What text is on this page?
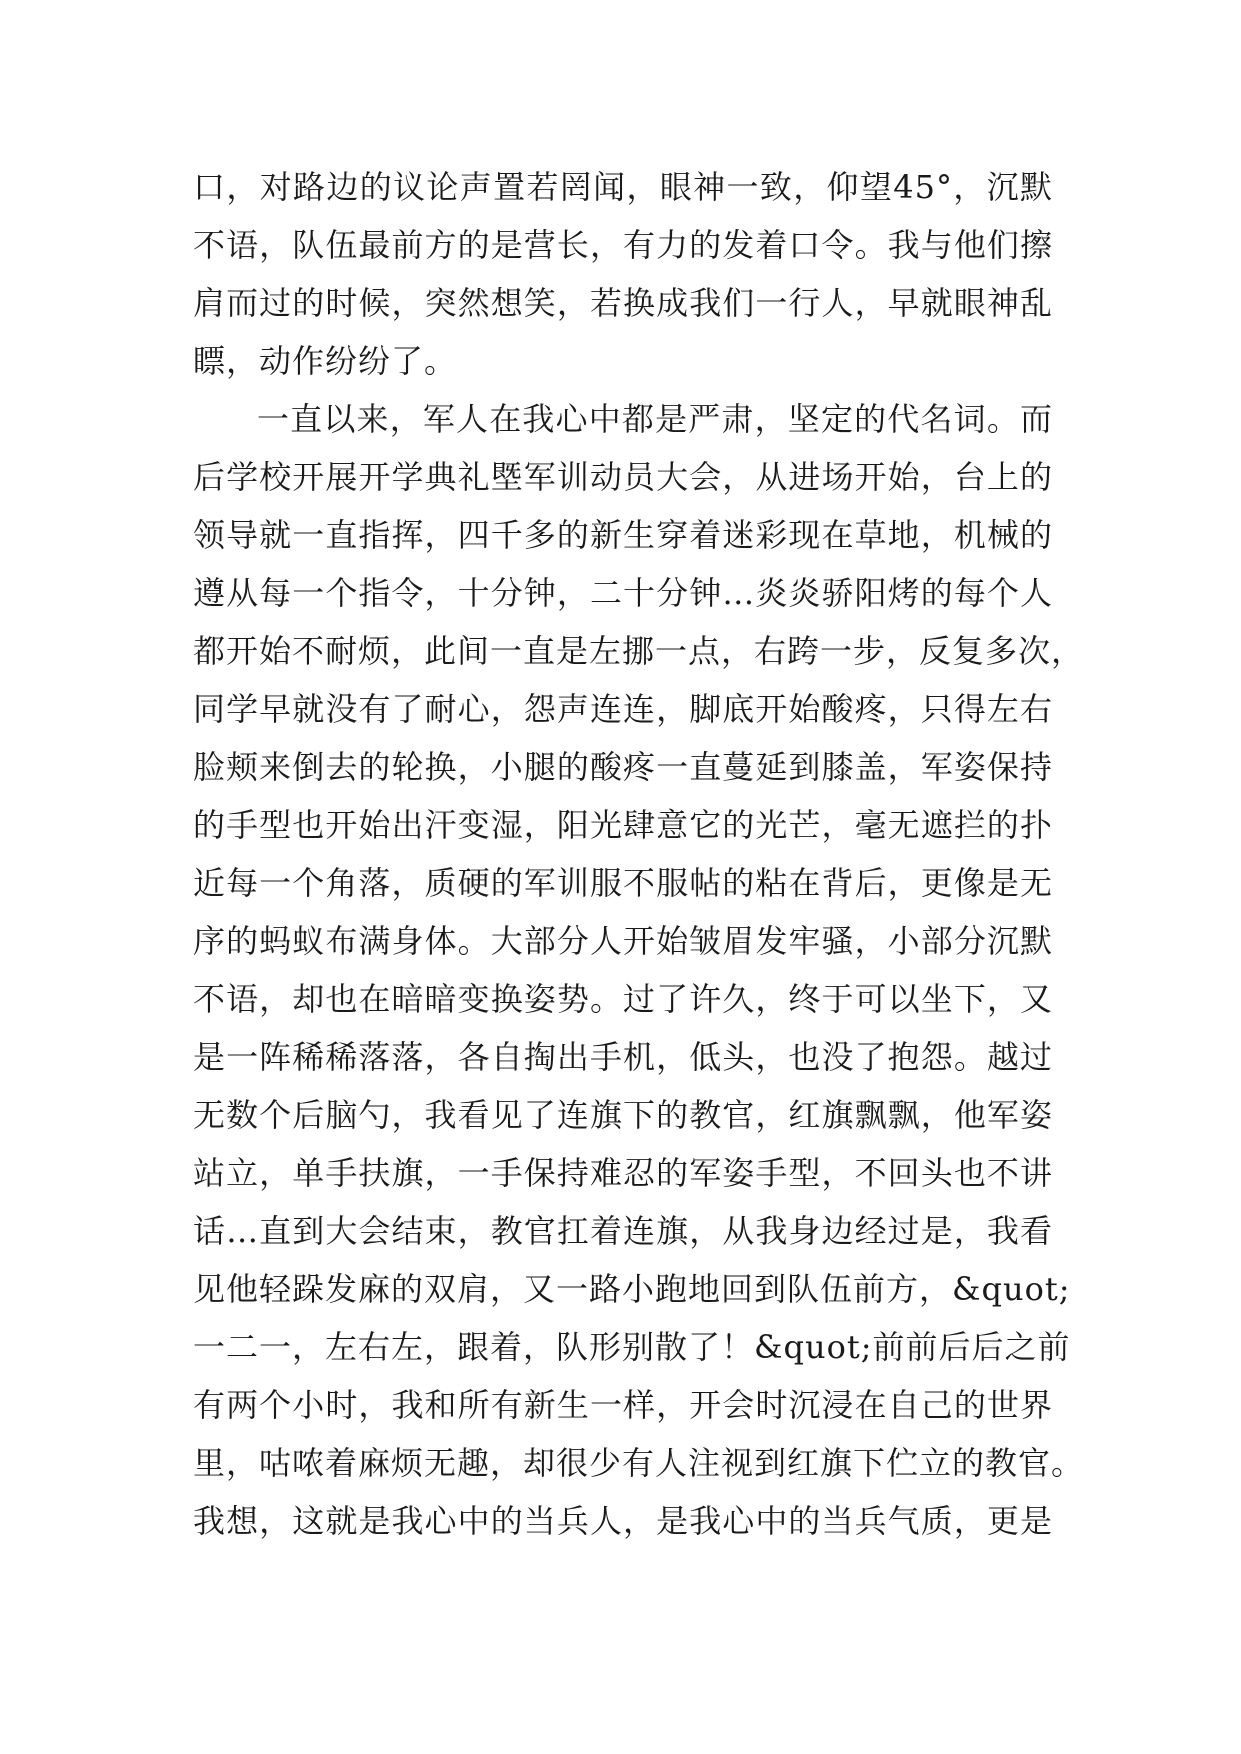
口，对路边的议论声置若罔闻，眼神一致，仰望45°，沉默
不语，队伍最前方的是营长，有力的发着口令。我与他们擦
肩而过的时候，突然想笑，若换成我们一行人，早就眼神乱
瞟，动作纷纷了。
一直以来，军人在我心中都是严肃，坚定的代名词。而
后学校开展开学典礼塈军训动员大会，从进场开始，台上的
领导就一直指挥，四千多的新生穿着迷彩现在草地，机械的
遵从每一个指令，十分钟，二十分钟…炎炎骄阳烤的每个人
都开始不耐烦，此间一直是左挪一点，右跨一步，反复多次，
同学早就没有了耐心，怨声连连，脚底开始酸疼，只得左右
脸颊来倒去的轮换，小腿的酸疼一直蔓延到膝盖，军姿保持
的手型也开始出汗变湿，阳光肆意它的光芒，毫无遮拦的扑
近每一个角落，质硬的军训服不服帖的粘在背后，更像是无
序的蚂蚁布满身体。大部分人开始皱眉发牢骚，小部分沉默
不语，却也在暗暗变换姿势。过了许久，终于可以坐下，又
是一阵稀稀落落，各自掏出手机，低头，也没了抱怨。越过
无数个后脑勺，我看见了连旗下的教官，红旗飘飘，他军姿
站立，单手扶旗，一手保持难忍的军姿手型，不回头也不讲
话…直到大会结束，教官扛着连旗，从我身边经过是，我看
见他轻跺发麻的双肩，又一路小跑地回到队伍前方，&quot;
一二一，左右左，跟着，队形别散了！&quot;前前后后之前
有两个小时，我和所有新生一样，开会时沉浸在自己的世界
里，咕哝着麻烦无趣，却很少有人注视到红旗下伫立的教官。
我想，这就是我心中的当兵人，是我心中的当兵气质，更是
